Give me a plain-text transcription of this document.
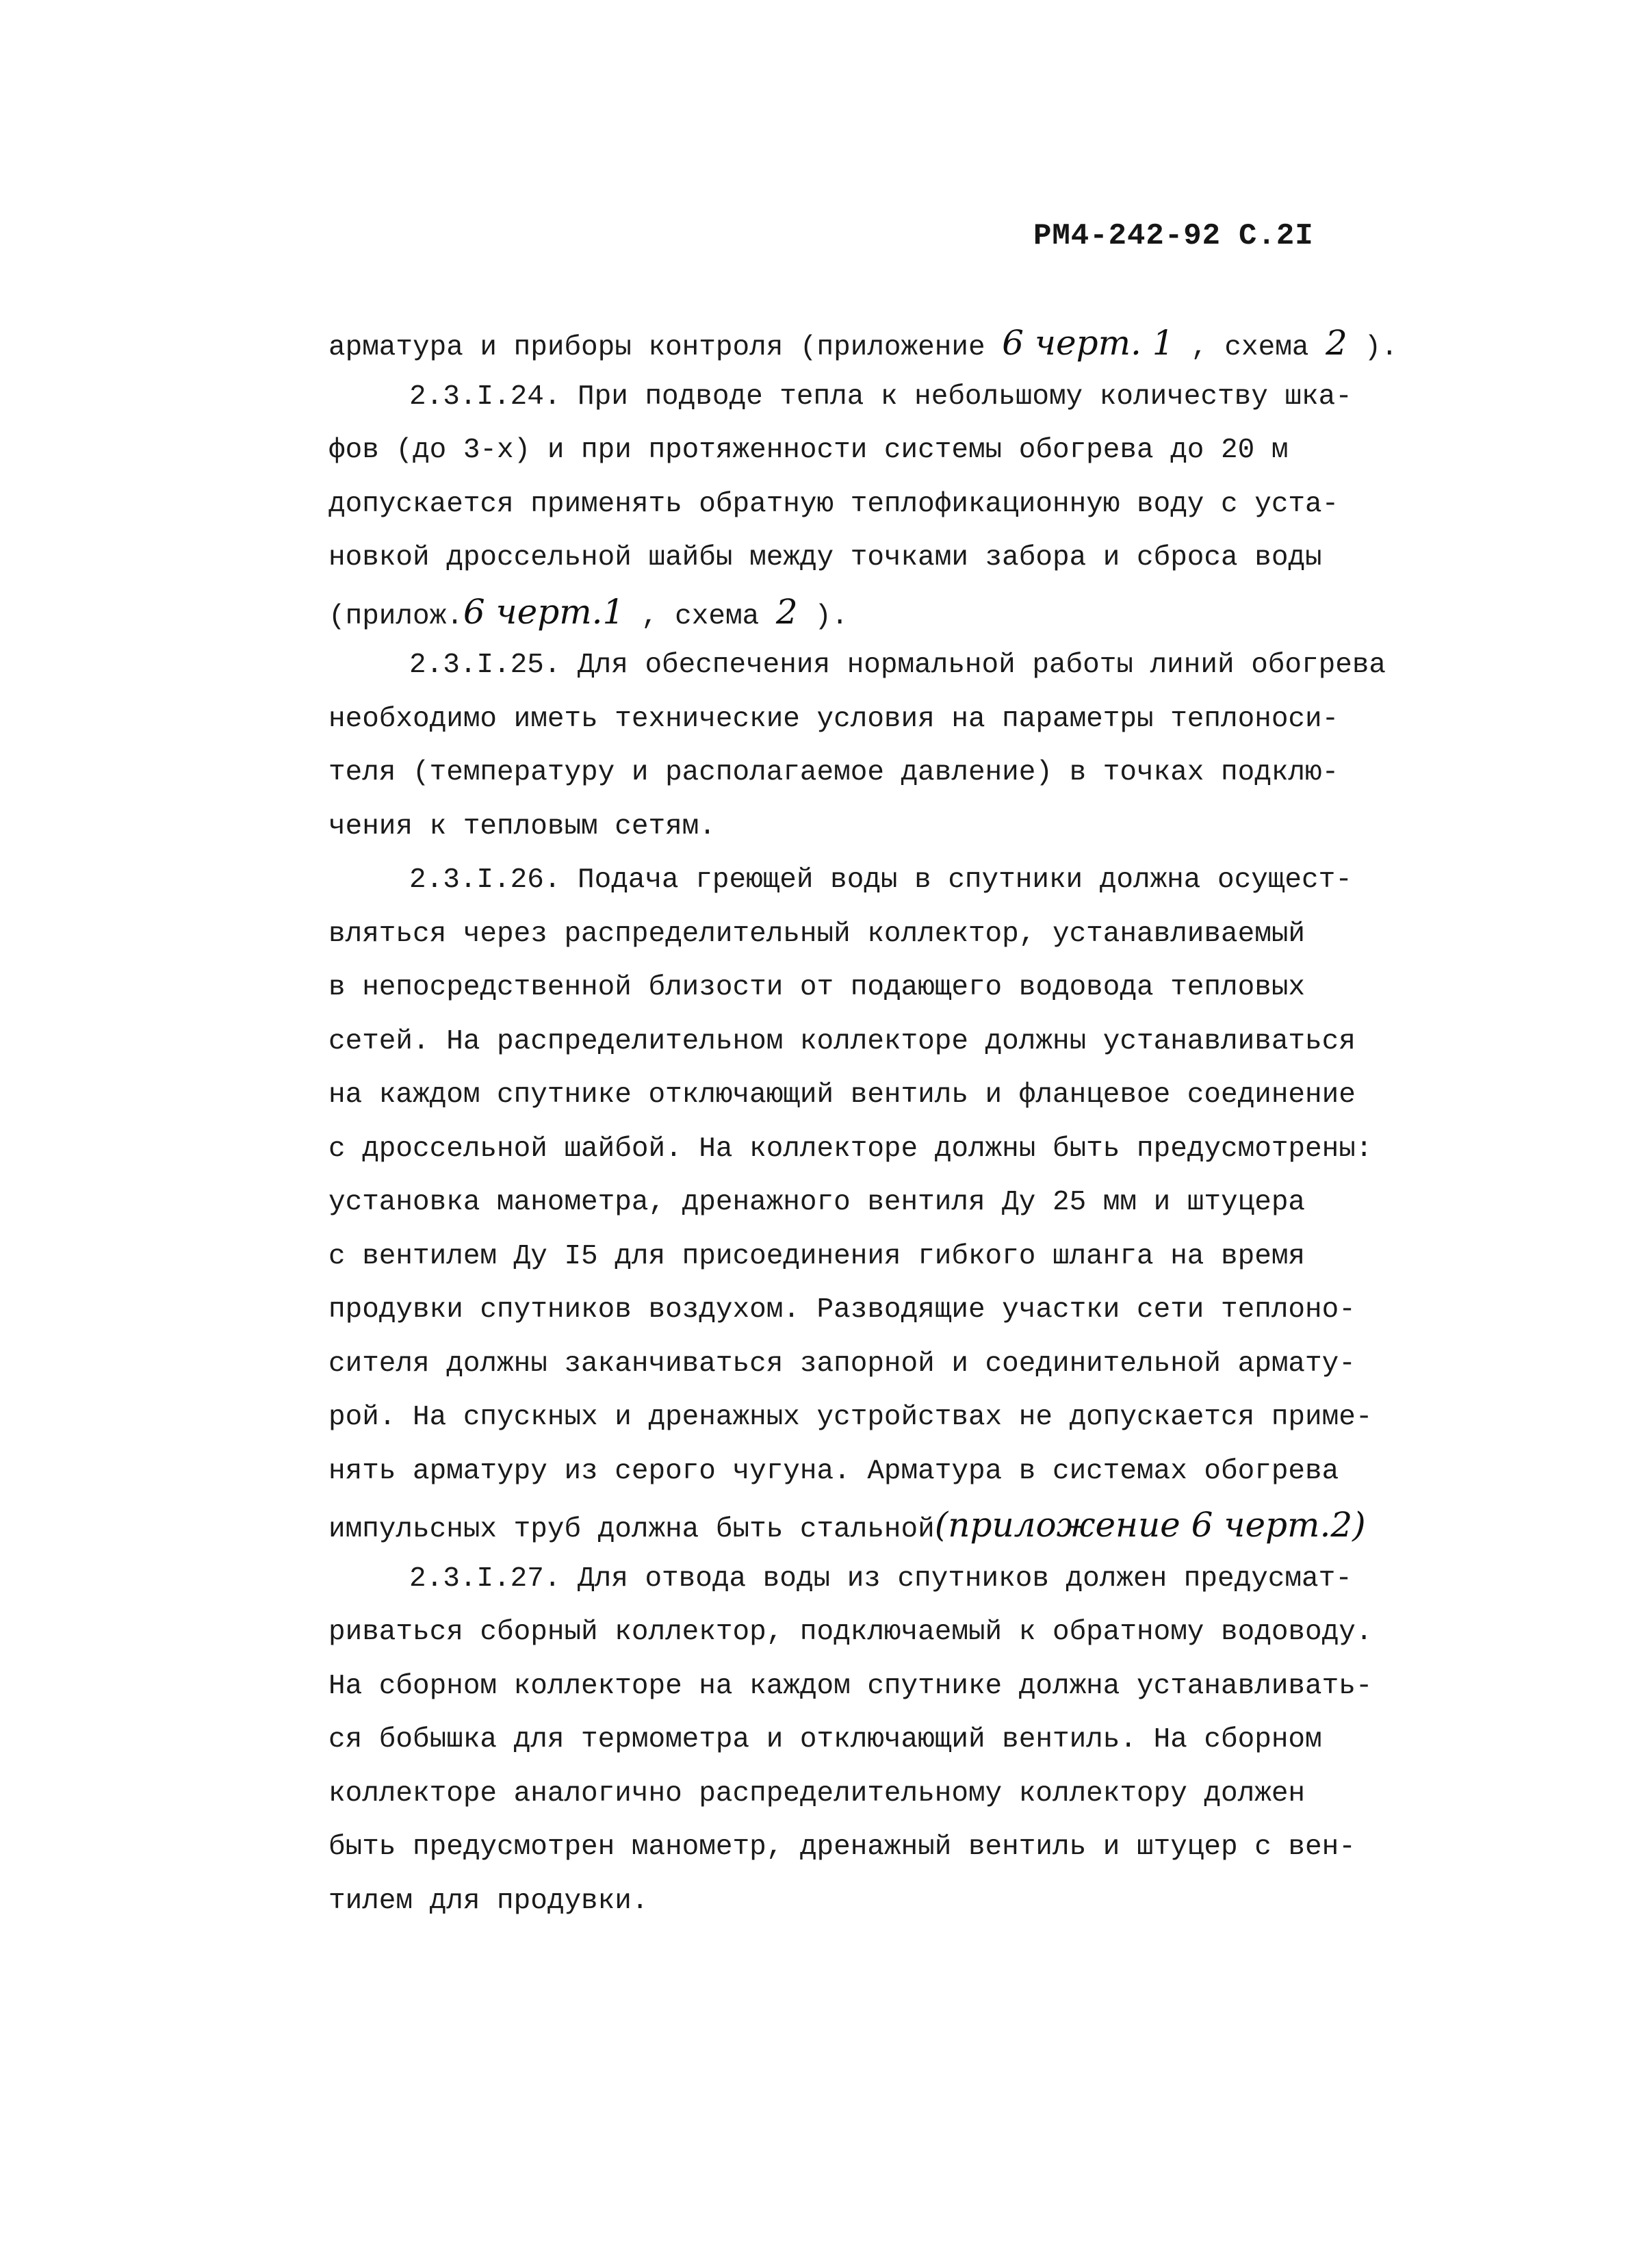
РМ4-242-92 С.2I
арматура и приборы контроля (приложение 6 черт. 1 , схема 2 ).
2.3.I.24. При подводе тепла к небольшому количеству шка-
фов (до 3-х) и при протяженности системы обогрева до 20 м
допускается применять обратную теплофикационную воду с уста-
новкой дроссельной шайбы между точками забора и сброса воды
(прилож.6 черт.1 , схема 2 ).
2.3.I.25. Для обеспечения нормальной работы линий обогрева
необходимо иметь технические условия на параметры теплоноси-
теля (температуру и располагаемое давление) в точках подклю-
чения к тепловым сетям.
2.3.I.26. Подача греющей воды в спутники должна осущест-
вляться через распределительный коллектор, устанавливаемый
в непосредственной близости от подающего водовода тепловых
сетей. На распределительном коллекторе должны устанавливаться
на каждом спутнике отключающий вентиль и фланцевое соединение
с дроссельной шайбой. На коллекторе должны быть предусмотрены:
установка манометра, дренажного вентиля Ду 25 мм и штуцера
с вентилем Ду I5 для присоединения гибкого шланга на время
продувки спутников воздухом. Разводящие участки сети теплоно-
сителя должны заканчиваться запорной и соединительной армату-
рой. На спускных и дренажных устройствах не допускается приме-
нять арматуру из серого чугуна. Арматура в системах обогрева
импульсных труб должна быть стальной(приложение 6 черт.2)
2.3.I.27. Для отвода воды из спутников должен предусмат-
риваться сборный коллектор, подключаемый к обратному водоводу.
На сборном коллекторе на каждом спутнике должна устанавливать-
ся бобышка для термометра и отключающий вентиль. На сборном
коллекторе аналогично распределительному коллектору должен
быть предусмотрен манометр, дренажный вентиль и штуцер с вен-
тилем для продувки.
